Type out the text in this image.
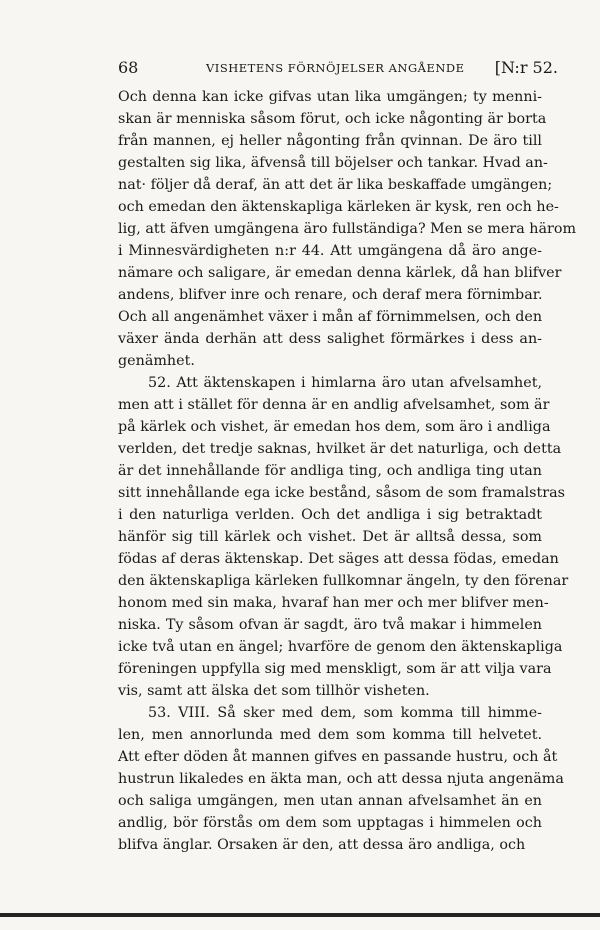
68	VISHETENS FÖRNÖJELSER ANGÅENDE [N:r 52.
Och denna kan icke gifvas utan lika umgängen; ty menni-
skan är menniska såsom förut, och icke någonting är borta
från mannen, ej heller någonting från qvinnan. De äro till
gestalten sig lika, äfvenså till böjelser och tankar. Hvad an-
nat· följer då deraf, än att det är lika beskaffade umgängen;
och emedan den äktenskapliga kärleken är kysk, ren och he-
lig, att äfven umgängena äro fullständiga? Men se mera härom
i Minnesvärdigheten n:r 44. Att umgängena då äro ange-
nämare och saligare, är emedan denna kärlek, då han blifver
andens, blifver inre och renare, och deraf mera förnimbar.
Och all angenämhet växer i mån af förnimmelsen, och den
växer ända derhän att dess salighet förmärkes i dess an-
genämhet.
52. Att äktenskapen i himlarna äro utan afvelsamhet,
men att i stället för denna är en andlig afvelsamhet, som är
på kärlek och vishet, är emedan hos dem, som äro i andliga
verlden, det tredje saknas, hvilket är det naturliga, och detta
är det innehållande för andliga ting, och andliga ting utan
sitt innehållande ega icke bestånd, såsom de som framalstras
i den naturliga verlden. Och det andliga i sig betraktadt
hänför sig till kärlek och vishet. Det är alltså dessa, som
födas af deras äktenskap. Det säges att dessa födas, emedan
den äktenskapliga kärleken fullkomnar ängeln, ty den förenar
honom med sin maka, hvaraf han mer och mer blifver men-
niska. Ty såsom ofvan är sagdt, äro två makar i himmelen
icke två utan en ängel; hvarföre de genom den äktenskapliga
föreningen uppfylla sig med menskligt, som är att vilja vara
vis, samt att älska det som tillhör visheten.
53. VIII. Så sker med dem, som komma till himme-
len, men annorlunda med dem som komma till helvetet.
Att efter döden åt mannen gifves en passande hustru, och åt
hustrun likaledes en äkta man, och att dessa njuta angenäma
och saliga umgängen, men utan annan afvelsamhet än en
andlig, bör förstås om dem som upptagas i himmelen och
blifva änglar. Orsaken är den, att dessa äro andliga, och
